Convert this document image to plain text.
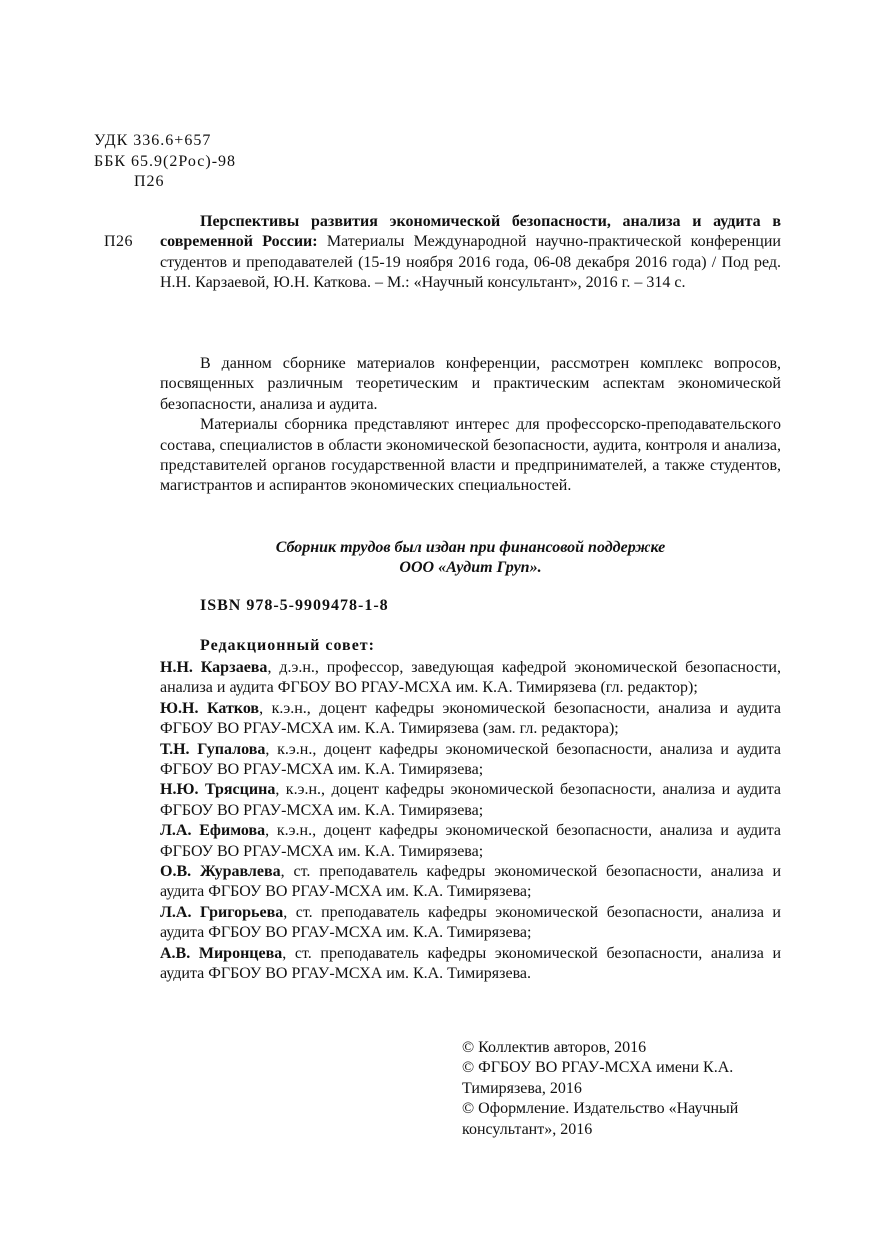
УДК 336.6+657
ББК 65.9(2Рос)-98
П26
П26
Перспективы развития экономической безопасности, анализа и аудита в современной России: Материалы Международной научно-практической конференции студентов и преподавателей (15-19 ноября 2016 года, 06-08 декабря 2016 года) / Под ред. Н.Н. Карзаевой, Ю.Н. Каткова. – М.: «Научный консультант», 2016 г. – 314 с.

В данном сборнике материалов конференции, рассмотрен комплекс вопросов, посвященных различным теоретическим и практическим аспектам экономической безопасности, анализа и аудита.

Материалы сборника представляют интерес для профессорско-преподавательского состава, специалистов в области экономической безопасности, аудита, контроля и анализа, представителей органов государственной власти и предпринимателей, а также студентов, магистрантов и аспирантов экономических специальностей.

Сборник трудов был издан при финансовой поддержке
ООО «Аудит Груп».
ISBN 978-5-9909478-1-8
Редакционный совет:

Н.Н. Карзаева, д.э.н., профессор, заведующая кафедрой экономической безопасности, анализа и аудита ФГБОУ ВО РГАУ-МСХА им. К.А. Тимирязева (гл. редактор);

Ю.Н. Катков, к.э.н., доцент кафедры экономической безопасности, анализа и аудита ФГБОУ ВО РГАУ-МСХА им. К.А. Тимирязева (зам. гл. редактора);

Т.Н. Гупалова, к.э.н., доцент кафедры экономической безопасности, анализа и аудита ФГБОУ ВО РГАУ-МСХА им. К.А. Тимирязева;

Н.Ю. Трясцина, к.э.н., доцент кафедры экономической безопасности, анализа и аудита ФГБОУ ВО РГАУ-МСХА им. К.А. Тимирязева;

Л.А. Ефимова, к.э.н., доцент кафедры экономической безопасности, анализа и аудита ФГБОУ ВО РГАУ-МСХА им. К.А. Тимирязева;

О.В. Журавлева, ст. преподаватель кафедры экономической безопасности, анализа и аудита ФГБОУ ВО РГАУ-МСХА им. К.А. Тимирязева;

Л.А. Григорьева, ст. преподаватель кафедры экономической безопасности, анализа и аудита ФГБОУ ВО РГАУ-МСХА им. К.А. Тимирязева;

А.В. Миронцева, ст. преподаватель кафедры экономической безопасности, анализа и аудита ФГБОУ ВО РГАУ-МСХА им. К.А. Тимирязева.

© Коллектив авторов, 2016
© ФГБОУ ВО РГАУ-МСХА имени К.А. Тимирязева, 2016
© Оформление. Издательство «Научный консультант», 2016
